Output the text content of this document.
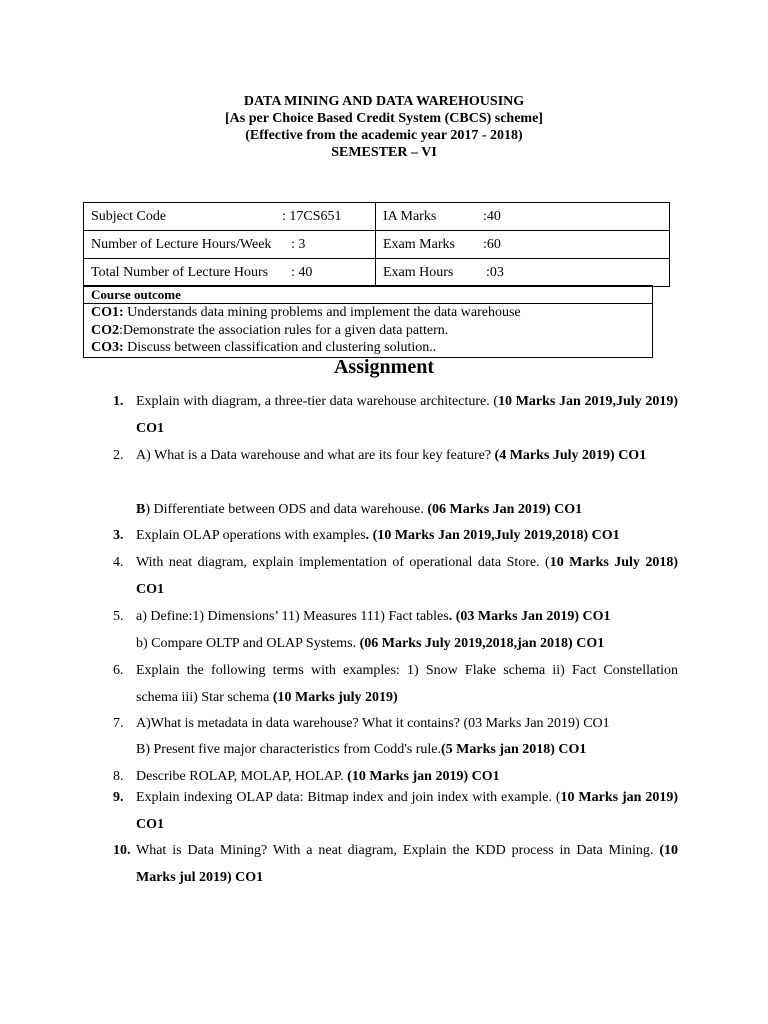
DATA MINING AND DATA WAREHOUSING
[As per Choice Based Credit System (CBCS) scheme]
(Effective from the academic year 2017 - 2018)
SEMESTER – VI
Subject Code : 17CS651	IA Marks :40
Number of Lecture Hours/Week : 3	Exam Marks :60
Total Number of Lecture Hours : 40	Exam Hours :03
Course outcome
CO1: Understands data mining problems and implement the data warehouse
CO2:Demonstrate the association rules for a given data pattern.
CO3: Discuss between classification and clustering solution..
Assignment
1. Explain with diagram, a three-tier data warehouse architecture. (10 Marks Jan 2019,July 2019) CO1
2. A) What is a Data warehouse and what are its four key feature? (4 Marks July 2019) CO1
B) Differentiate between ODS and data warehouse. (06 Marks Jan 2019) CO1
3. Explain OLAP operations with examples. (10 Marks Jan 2019,July 2019,2018) CO1
4. With neat diagram, explain implementation of operational data Store. (10 Marks July 2018) CO1
5. a) Define:1) Dimensions’ 11) Measures 111) Fact tables. (03 Marks Jan 2019) CO1
b) Compare OLTP and OLAP Systems. (06 Marks July 2019,2018,jan 2018) CO1
6. Explain the following terms with examples: 1) Snow Flake schema ii) Fact Constellation schema iii) Star schema (10 Marks july 2019)
7. A)What is metadata in data warehouse? What it contains? (03 Marks Jan 2019) CO1
B) Present five major characteristics from Codd's rule.(5 Marks jan 2018) CO1
8. Describe ROLAP, MOLAP, HOLAP. (10 Marks jan 2019) CO1
9. Explain indexing OLAP data: Bitmap index and join index with example. (10 Marks jan 2019) CO1
10. What is Data Mining? With a neat diagram, Explain the KDD process in Data Mining. (10 Marks jul 2019) CO1
